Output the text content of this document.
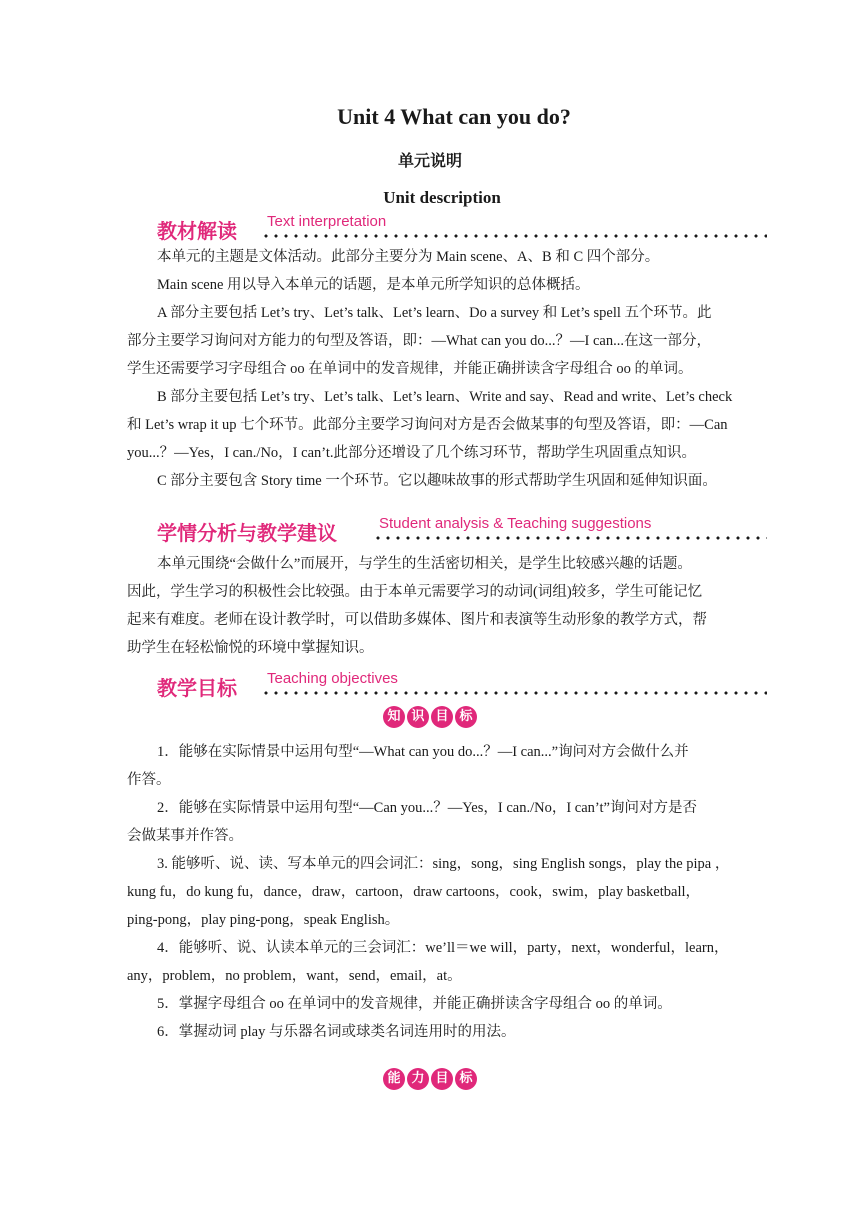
Unit 4 What can you do?
单元说明
Unit description
教材解读 Text interpretation
本单元的主题是文体活动。此部分主要分为 Main scene、A、B 和 C 四个部分。
Main scene 用以导入本单元的话题，是本单元所学知识的总体概括。
A 部分主要包括 Let’s try、Let’s talk、Let’s learn、Do a survey 和 Let’s spell 五个环节。此
部分主要学习询问对方能力的句型及答语，即：—What can you do...？—I can...在这一部分，
学生还需要学习字母组合 oo 在单词中的发音规律，并能正确拼读含字母组合 oo 的单词。
B 部分主要包括 Let’s try、Let’s talk、Let’s learn、Write and say、Read and write、Let’s check
和 Let’s wrap it up 七个环节。此部分主要学习询问对方是否会做某事的句型及答语，即：—Can
you...？—Yes，I can./No，I can’t.此部分还增设了几个练习环节，帮助学生巩固重点知识。
C 部分主要包含 Story time 一个环节。它以趣味故事的形式帮助学生巩固和延伸知识面。
学情分析与教学建议	Student analysis & Teaching suggestions
本单元围绕“会做什么”而展开，与学生的生活密切相关，是学生比较感兴趣的话题。
因此，学生学习的积极性会比较强。由于本单元需要学习的动词(词组)较多，学生可能记忆
起来有难度。老师在设计教学时，可以借助多媒体、图片和表演等生动形象的教学方式，帮
助学生在轻松愉悦的环境中掌握知识。
教学目标 Teaching objectives
知 识 目 标
1．能够在实际情景中运用句型“—What can you do...？—I can...”询问对方会做什么并
作答。
2．能够在实际情景中运用句型“—Can you...？—Yes，I can./No，I can’t”询问对方是否
会做某事并作答。
3. 能够听、说、读、写本单元的四会词汇：sing，song，sing English songs，play the pipa ，
kung fu，do kung fu，dance，draw，cartoon，draw cartoons，cook，swim，play basketball，
ping-pong，play ping-pong，speak English。
4．能够听、说、认读本单元的三会词汇：we’ll＝we will，party，next，wonderful，learn，
any，problem，no problem，want，send，email，at。
5．掌握字母组合 oo 在单词中的发音规律，并能正确拼读含字母组合 oo 的单词。
6．掌握动词 play 与乐器名词或球类名词连用时的用法。
能 力 目 标
